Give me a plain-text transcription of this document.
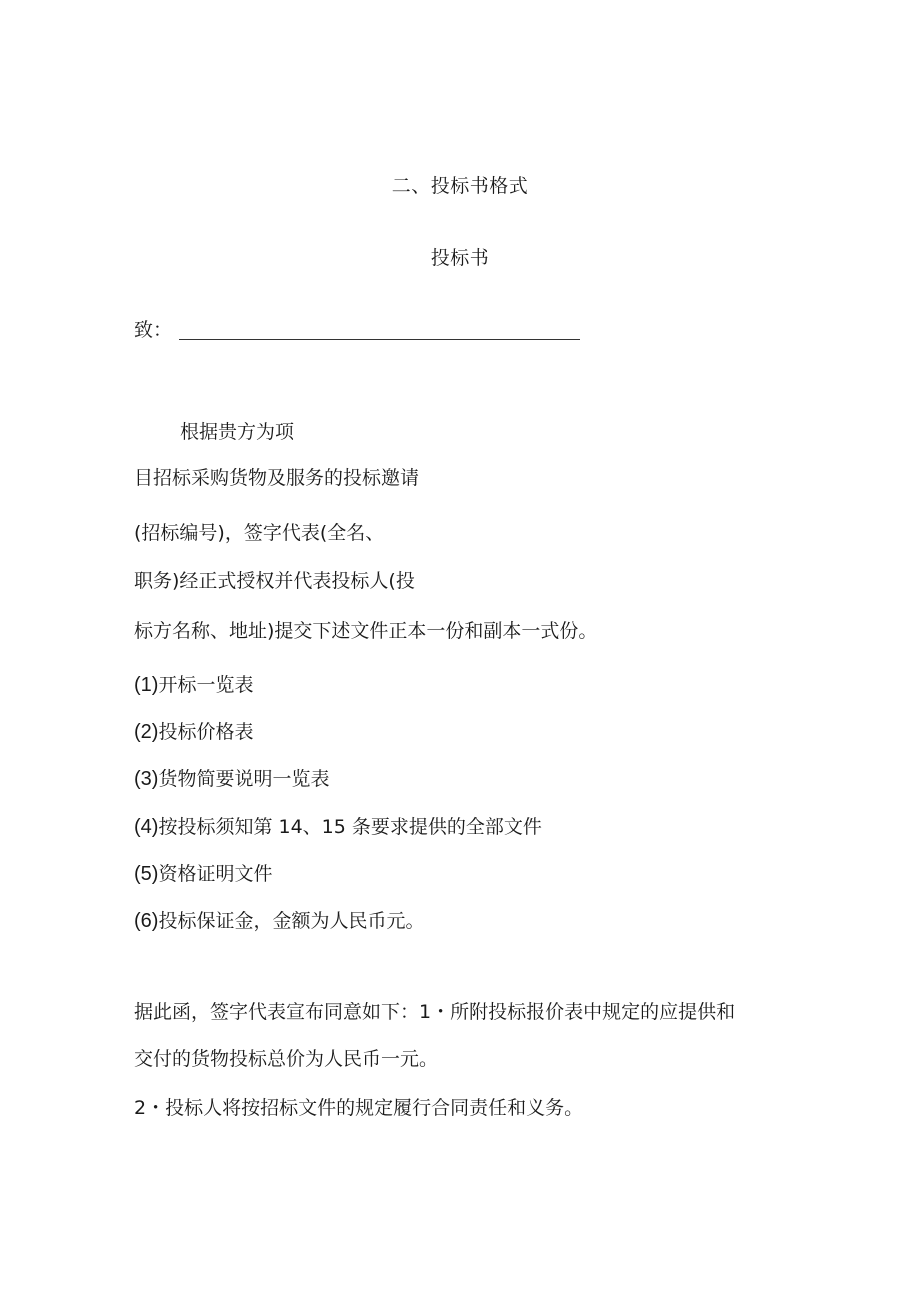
二、投标书格式

投标书

致：

根据贵方为项

目招标采购货物及服务的投标邀请

(招标编号)，签字代表(全名、

职务)经正式授权并代表投标人(投

标方名称、地址)提交下述文件正本一份和副本一式份。

(1)开标一览表

(2)投标价格表

(3)货物简要说明一览表

(4)按投标须知第 14、15 条要求提供的全部文件

(5)资格证明文件

(6)投标保证金，金额为人民币元。

据此函，签字代表宣布同意如下：1・所附投标报价表中规定的应提供和

交付的货物投标总价为人民币一元。

2・投标人将按招标文件的规定履行合同责任和义务。
